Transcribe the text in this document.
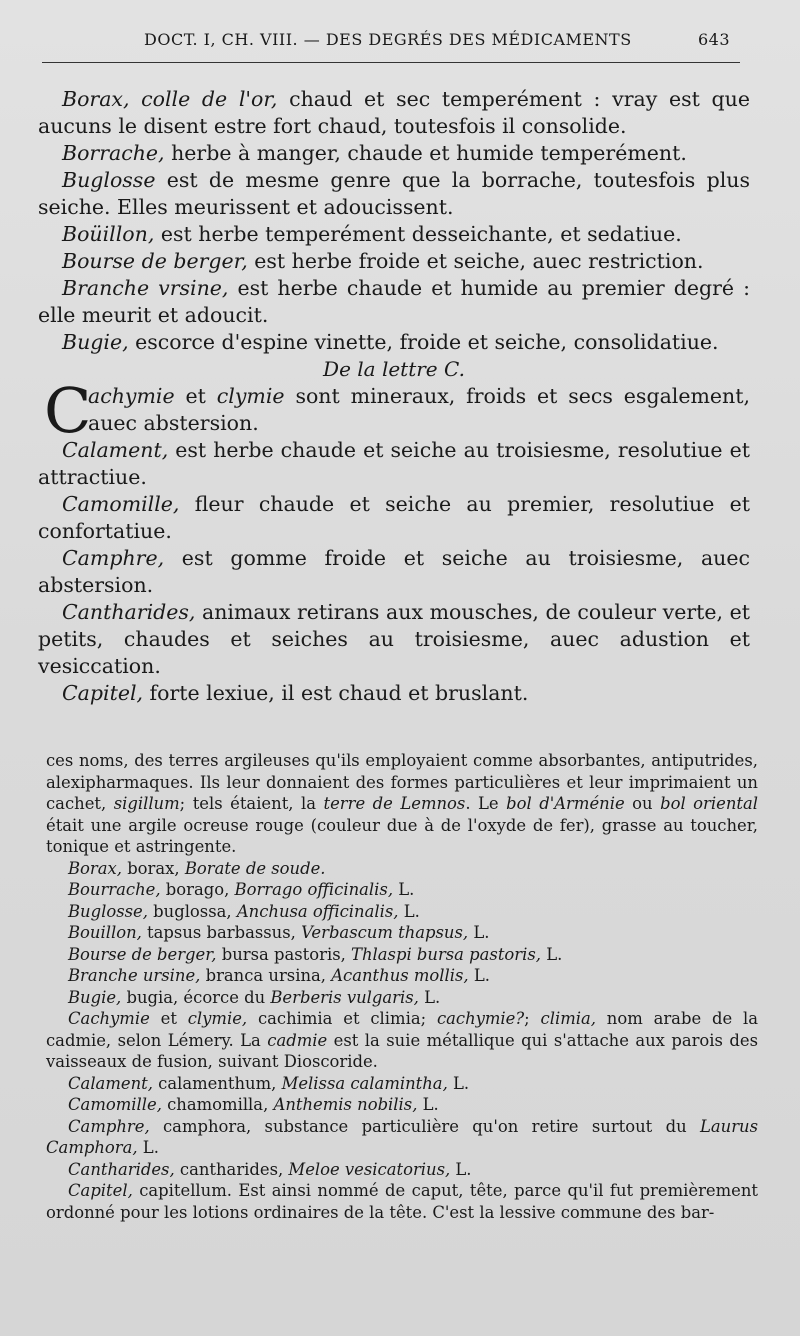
DOCT. I, CH. VIII. — DES DEGRÉS DES MÉDICAMENTS	643

Borax, colle de l'or, chaud et sec temperément : vray est que aucuns le disent estre fort chaud, toutesfois il consolide.

Borrache, herbe à manger, chaude et humide temperément.

Buglosse est de mesme genre que la borrache, toutesfois plus seiche. Elles meurissent et adoucissent.

Boüillon, est herbe temperément desseichante, et sedatiue.

Bourse de berger, est herbe froide et seiche, auec restriction.

Branche vrsine, est herbe chaude et humide au premier degré : elle meurit et adoucit.

Bugie, escorce d'espine vinette, froide et seiche, consolidatiue.

De la lettre C.

C
achymie et clymie sont mineraux, froids et secs esgalement, auec abstersion.

Calament, est herbe chaude et seiche au troisiesme, resolutiue et attractiue.

Camomille, fleur chaude et seiche au premier, resolutiue et confortatiue.

Camphre, est gomme froide et seiche au troisiesme, auec abstersion.

Cantharides, animaux retirans aux mousches, de couleur verte, et petits, chaudes et seiches au troisiesme, auec adustion et vesiccation.

Capitel, forte lexiue, il est chaud et bruslant.

ces noms, des terres argileuses qu'ils employaient comme absorbantes, antiputrides, alexipharmaques. Ils leur donnaient des formes particulières et leur imprimaient un cachet, sigillum; tels étaient, la terre de Lemnos. Le bol d'Arménie ou bol oriental était une argile ocreuse rouge (couleur due à de l'oxyde de fer), grasse au toucher, tonique et astringente.

Borax, borax, Borate de soude.

Bourrache, borago, Borrago officinalis, L.

Buglosse, buglossa, Anchusa officinalis, L.

Bouillon, tapsus barbassus, Verbascum thapsus, L.

Bourse de berger, bursa pastoris, Thlaspi bursa pastoris, L.

Branche ursine, branca ursina, Acanthus mollis, L.

Bugie, bugia, écorce du Berberis vulgaris, L.

Cachymie et clymie, cachimia et climia; cachymie?; climia, nom arabe de la cadmie, selon Lémery. La cadmie est la suie métallique qui s'attache aux parois des vaisseaux de fusion, suivant Dioscoride.

Calament, calamenthum, Melissa calamintha, L.

Camomille, chamomilla, Anthemis nobilis, L.

Camphre, camphora, substance particulière qu'on retire surtout du Laurus Camphora, L.

Cantharides, cantharides, Meloe vesicatorius, L.

Capitel, capitellum. Est ainsi nommé de caput, tête, parce qu'il fut premièrement ordonné pour les lotions ordinaires de la tête. C'est la lessive commune des bar-
